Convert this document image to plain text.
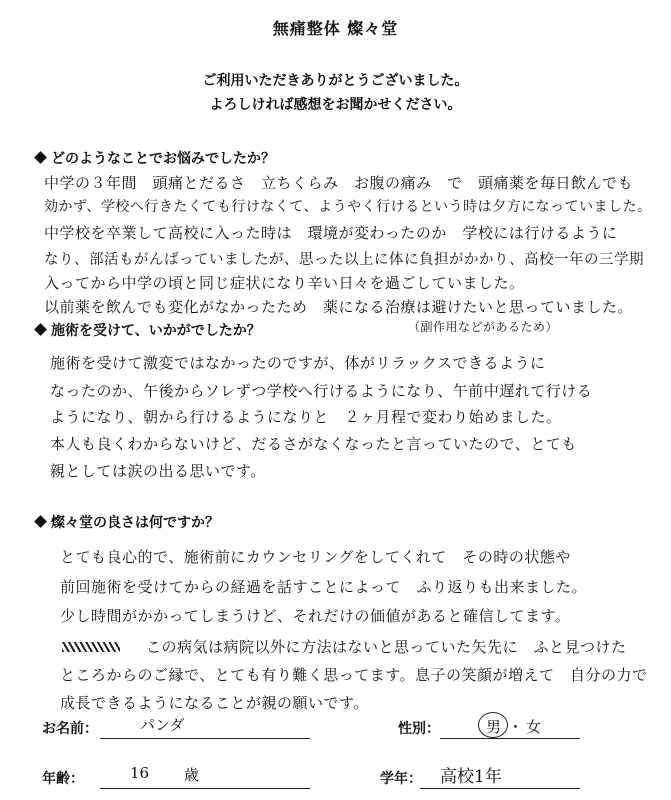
無痛整体 燦々堂
ご利用いただきありがとうございました。
よろしければ感想をお聞かせください。
どのようなことでお悩みでしたか？
中学の３年間　頭痛とだるさ　立ちくらみ　お腹の痛み　で　頭痛薬を毎日飲んでも
効かず、学校へ行きたくても行けなくて、ようやく行けるという時は夕方になっていました。
中学校を卒業して高校に入った時は　環境が変わったのか　学校には行けるように
なり、部活もがんばっていましたが、思った以上に体に負担がかかり、高校一年の三学期
入ってから中学の頃と同じ症状になり辛い日々を過ごしていました。
以前薬を飲んでも変化がなかったため　薬になる治療は避けたいと思っていました。
（副作用などがあるため）
施術を受けて、いかがでしたか？
施術を受けて激変ではなかったのですが、体がリラックスできるように
なったのか、午後からソレずつ学校へ行けるようになり、午前中遅れて行ける
ようになり、朝から行けるようになりと　２ヶ月程で変わり始めました。
本人も良くわからないけど、だるさがなくなったと言っていたので、とても
親としては涙の出る思いです。
燦々堂の良さは何ですか？
とても良心的で、施術前にカウンセリングをしてくれて　その時の状態や
前回施術を受けてからの経過を話すことによって　ふり返りも出来ました。
少し時間がかかってしまうけど、それだけの価値があると確信してます。
この病気は病院以外に方法はないと思っていた矢先に　ふと見つけた
ところからのご縁で、とても有り難く思ってます。息子の笑顔が増えて　自分の力で
成長できるようになることが親の願いです。
お名前：	パンダ	性別：	男 ・ 女
年齢：	16 歳	学年： 高校1年
